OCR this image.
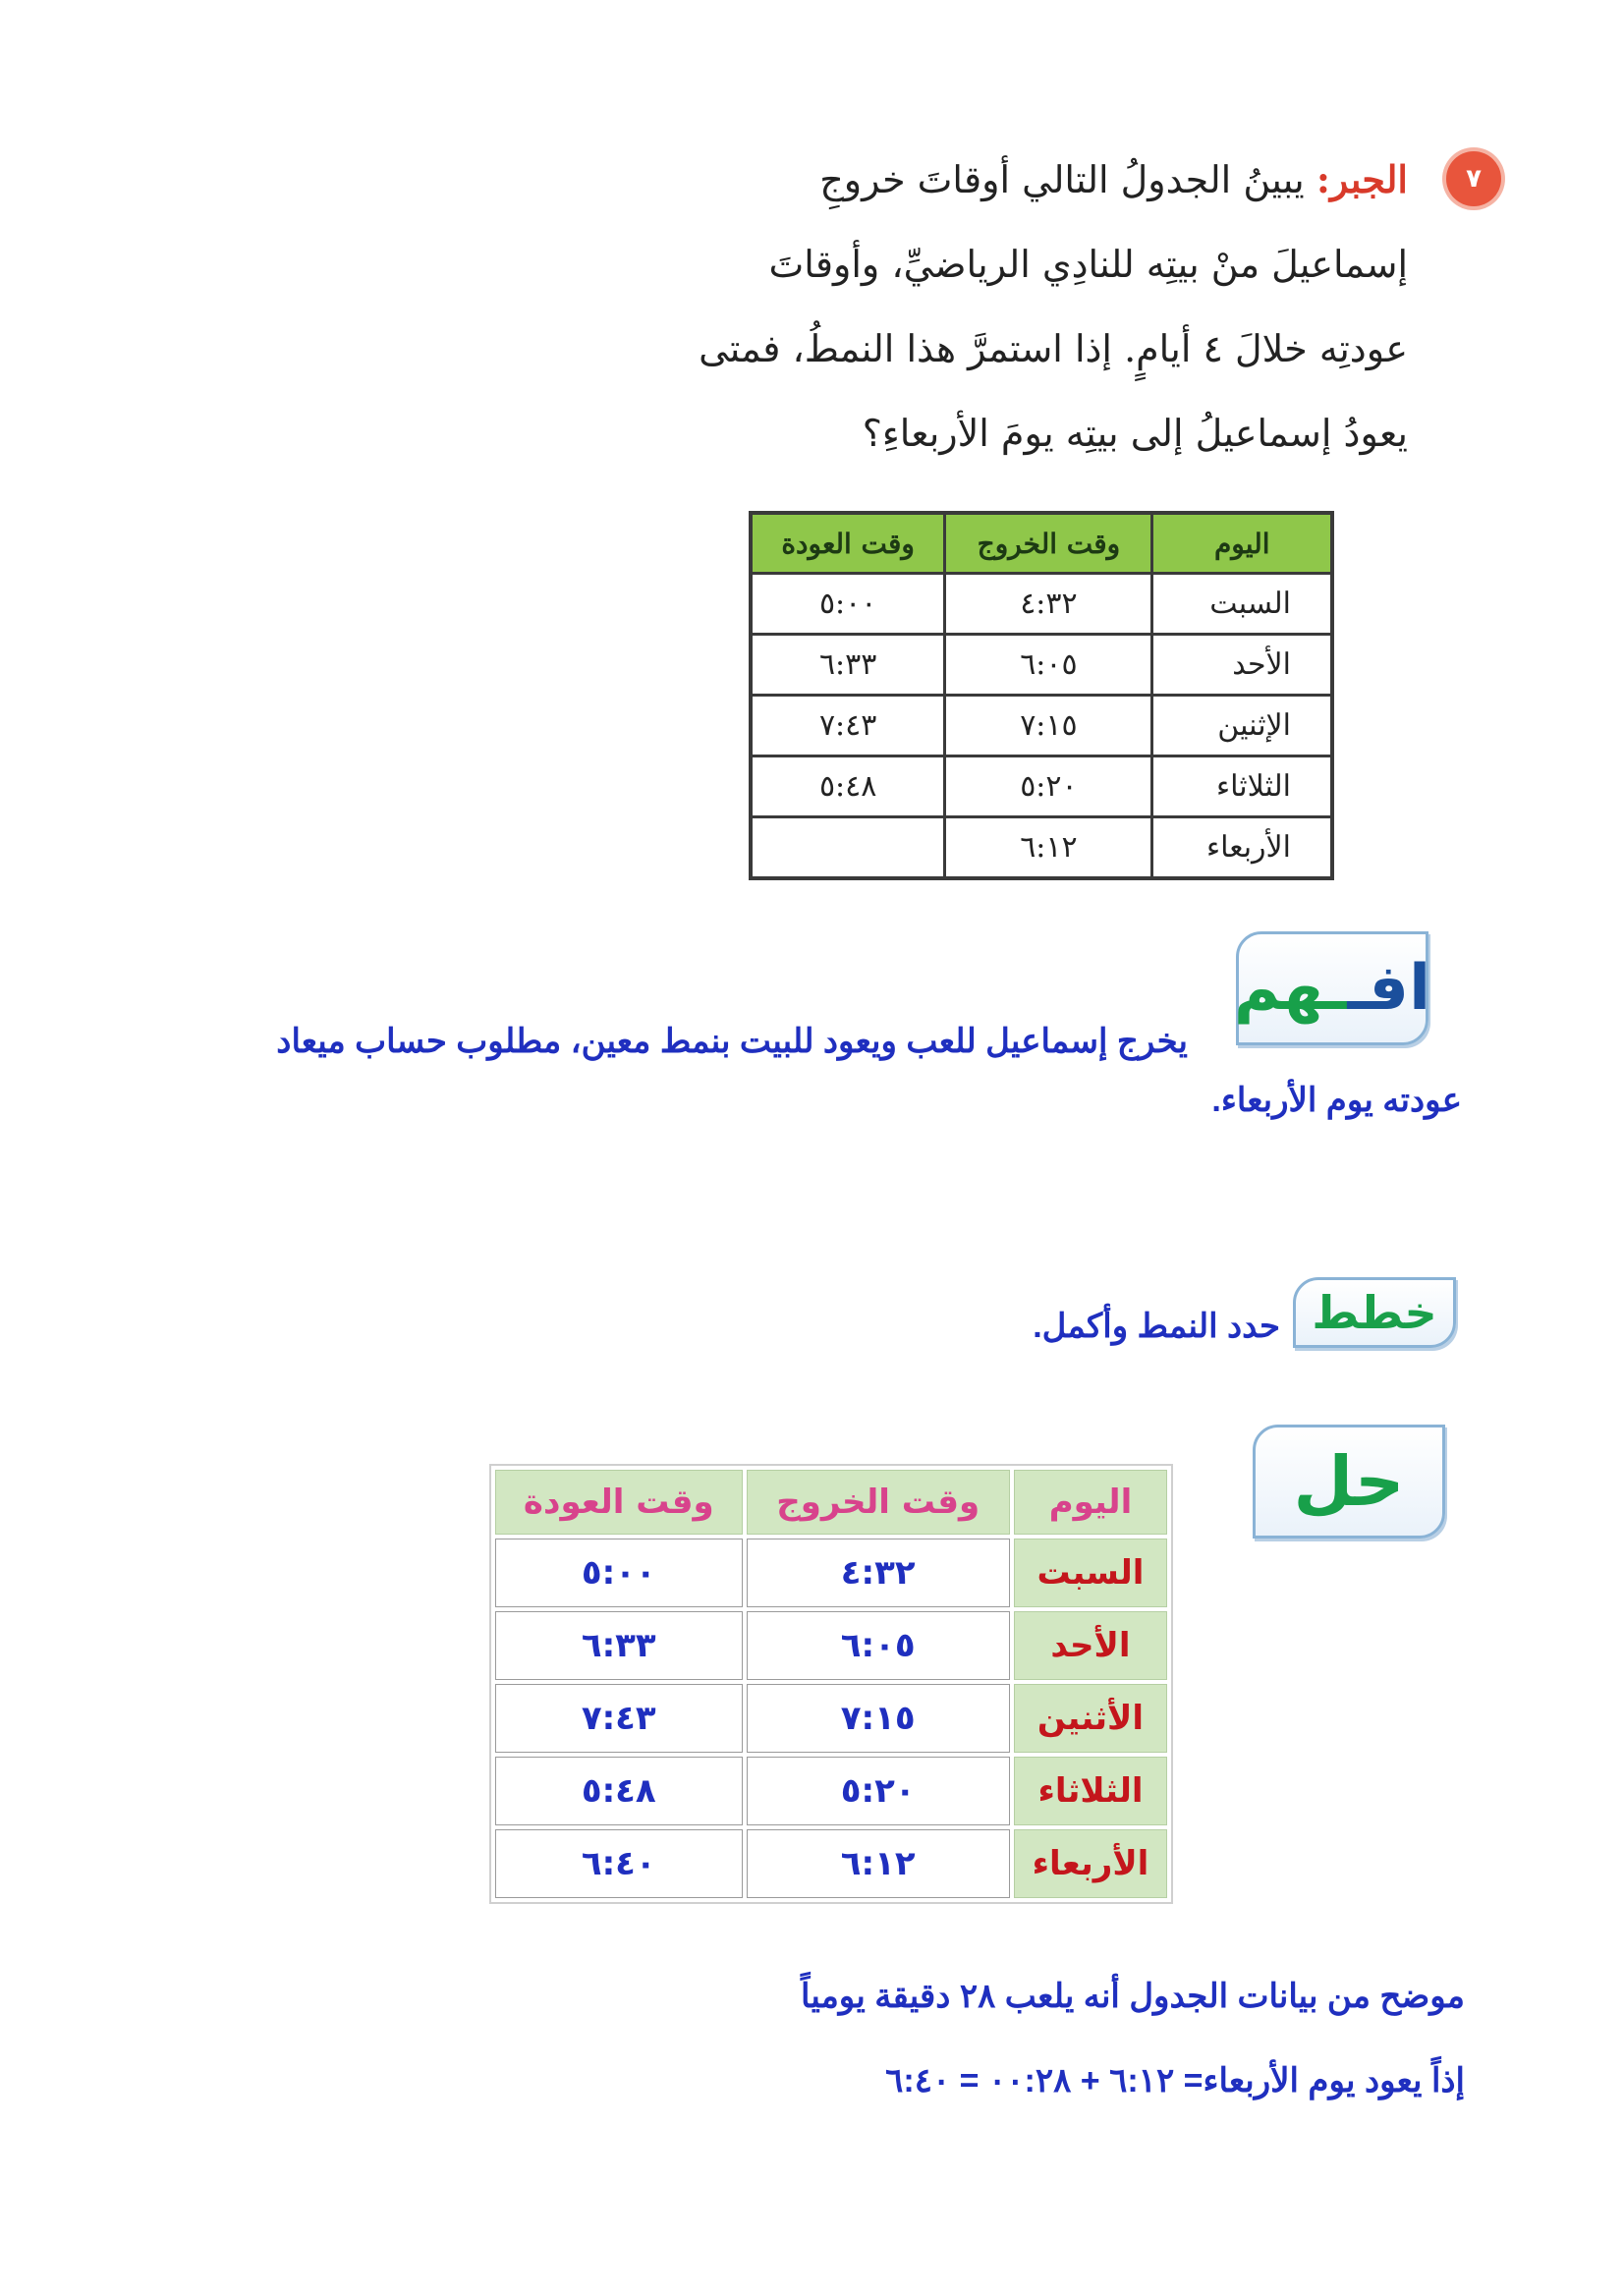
٧

الجبر: يبينُ الجدولُ التالي أوقاتَ خروجِ

إسماعيلَ منْ بيتِه للنادِي الرياضيِّ، وأوقاتَ

عودتِه خلالَ ٤ أيامٍ. إذا استمرَّ هذا النمطُ، فمتى

يعودُ إسماعيلُ إلى بيتِه يومَ الأربعاءِ؟

اليوم	وقت الخروج	وقت العودة
السبت	٤:٣٢	٥:٠٠
الأحد	٦:٠٥	٦:٣٣
الإثنين	٧:١٥	٧:٤٣
الثلاثاء	٥:٢٠	٥:٤٨
الأربعاء	٦:١٢	
افـ
ـهم
يخرج إسماعيل للعب ويعود للبيت بنمط معين، مطلوب حساب ميعاد
عودته يوم الأربعاء.
خطط
حدد النمط وأكمل.
حل
اليوم	وقت الخروج	وقت العودة
السبت	٤:٣٢	٥:٠٠
الأحد	٦:٠٥	٦:٣٣
الأثنين	٧:١٥	٧:٤٣
الثلاثاء	٥:٢٠	٥:٤٨
الأربعاء	٦:١٢	٦:٤٠
موضح من بيانات الجدول أنه يلعب ٢٨ دقيقة يومياً
إذاً يعود يوم الأربعاء= ٦:١٢ + ٠٠:٢٨ = ٦:٤٠
